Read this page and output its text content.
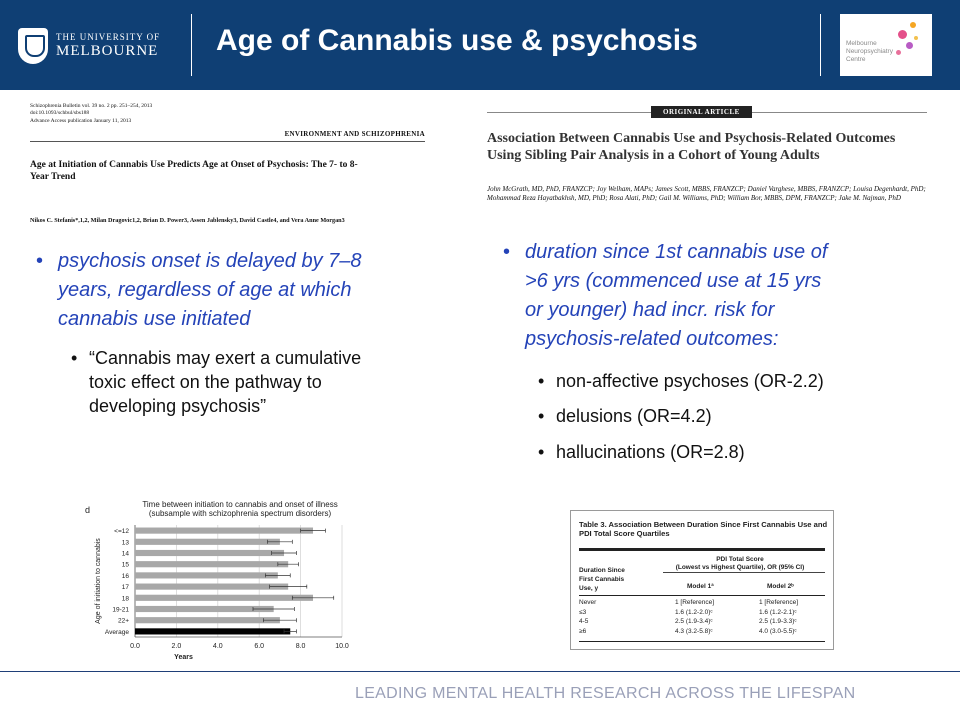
THE UNIVERSITY OF
MELBOURNE Age of Cannabis use & psychosis	Melbourne Neuropsychiatry Centre
Schizophrenia Bulletin vol. 39 no. 2 pp. 251–254, 2013
doi:10.1093/schbul/sbs188
Advance Access publication January 11, 2013
ENVIRONMENT AND SCHIZOPHRENIA
Age at Initiation of Cannabis Use Predicts Age at Onset of Psychosis: The 7- to 8-Year Trend
Nikos C. Stefanis*,1,2, Milan Dragovic1,2, Brian D. Power3, Assen Jablensky3, David Castle4, and Vera Anne Morgan3
ORIGINAL ARTICLE
Association Between Cannabis Use and Psychosis-Related Outcomes Using Sibling Pair Analysis in a Cohort of Young Adults
John McGrath, MD, PhD, FRANZCP; Joy Welham, MAPs; James Scott, MBBS, FRANZCP; Daniel Varghese, MBBS, FRANZCP; Louisa Degenhardt, PhD; Mohammad Reza Hayatbakhsh, MD, PhD; Rosa Alati, PhD; Gail M. Williams, PhD; William Bor, MBBS, DPM, FRANZCP; Jake M. Najman, PhD
• psychosis onset is delayed by 7–8
years, regardless of age at which
cannabis use initiated
• “Cannabis may exert a cumulative
toxic effect on the pathway to
developing psychosis”
• duration since 1st cannabis use of
>6 yrs (commenced use at 15 yrs
or younger) had incr. risk for
psychosis-related outcomes:
• non-affective psychoses (OR-2.2)
• delusions (OR=4.2)
• hallucinations (OR=2.8)
d
Time between initiation to cannabis and onset of illness
(subsample with schizophrenia spectrum disorders)
0.0	2.0	4.0	6.0	8.0	10.0
<=12
13
14
15
16
17
18
19-21
22+
Average
Years
Age of initiation to cannabis
Table 3. Association Between Duration Since First Cannabis Use and PDI Total Score Quartiles
PDI Total Score
(Lowest vs Highest Quartile), OR (95% CI)
Duration Since
First Cannabis
Use, y	Model 1ª	Model 2ᵇ
Never	1 [Reference]	1 [Reference]
≤3	1.6 (1.2-2.0)ᶜ	1.6 (1.2-2.1)ᶜ
4-5	2.5 (1.9-3.4)ᶜ	2.5 (1.9-3.3)ᶜ
≥6	4.3 (3.2-5.8)ᶜ	4.0 (3.0-5.5)ᶜ
LEADING MENTAL HEALTH RESEARCH ACROSS THE LIFESPAN
